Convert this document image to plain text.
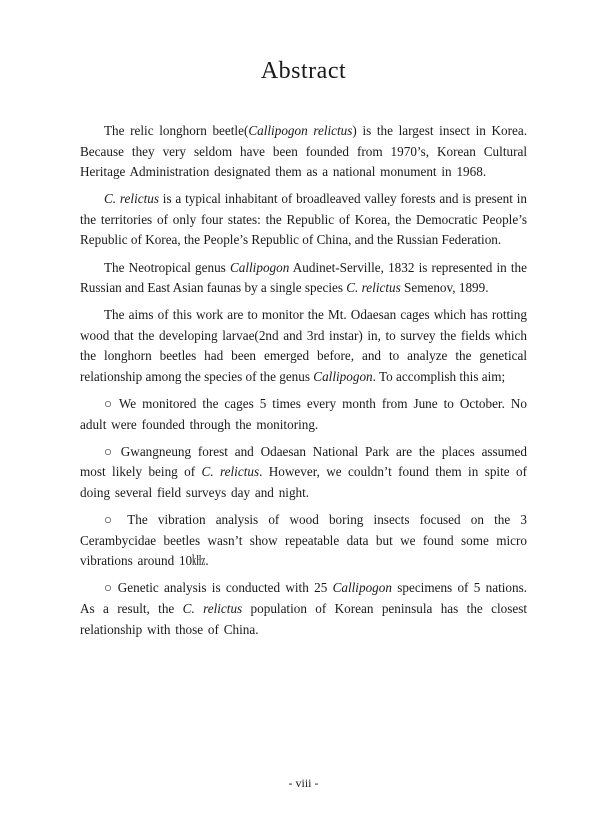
Abstract

The relic longhorn beetle(Callipogon relictus) is the largest insect in Korea. Because they very seldom have been founded from 1970’s, Korean Cultural Heritage Administration designated them as a national monument in 1968.

C. relictus is a typical inhabitant of broadleaved valley forests and is present in the territories of only four states: the Republic of Korea, the Democratic People’s Republic of Korea, the People’s Republic of China, and the Russian Federation.

The Neotropical genus Callipogon Audinet-Serville, 1832 is represented in the Russian and East Asian faunas by a single species C. relictus Semenov, 1899.

The aims of this work are to monitor the Mt. Odaesan cages which has rotting wood that the developing larvae(2nd and 3rd instar) in, to survey the fields which the longhorn beetles had been emerged before, and to analyze the genetical relationship among the species of the genus Callipogon. To accomplish this aim;

○ We monitored the cages 5 times every month from June to October. No adult were founded through the monitoring.

○ Gwangneung forest and Odaesan National Park are the places assumed most likely being of C. relictus. However, we couldn’t found them in spite of doing several field surveys day and night.

○ The vibration analysis of wood boring insects focused on the 3 Cerambycidae beetles wasn’t show repeatable data but we found some micro vibrations around 10㎑.

○ Genetic analysis is conducted with 25 Callipogon specimens of 5 nations. As a result, the C. relictus population of Korean peninsula has the closest relationship with those of China.

- viii -
